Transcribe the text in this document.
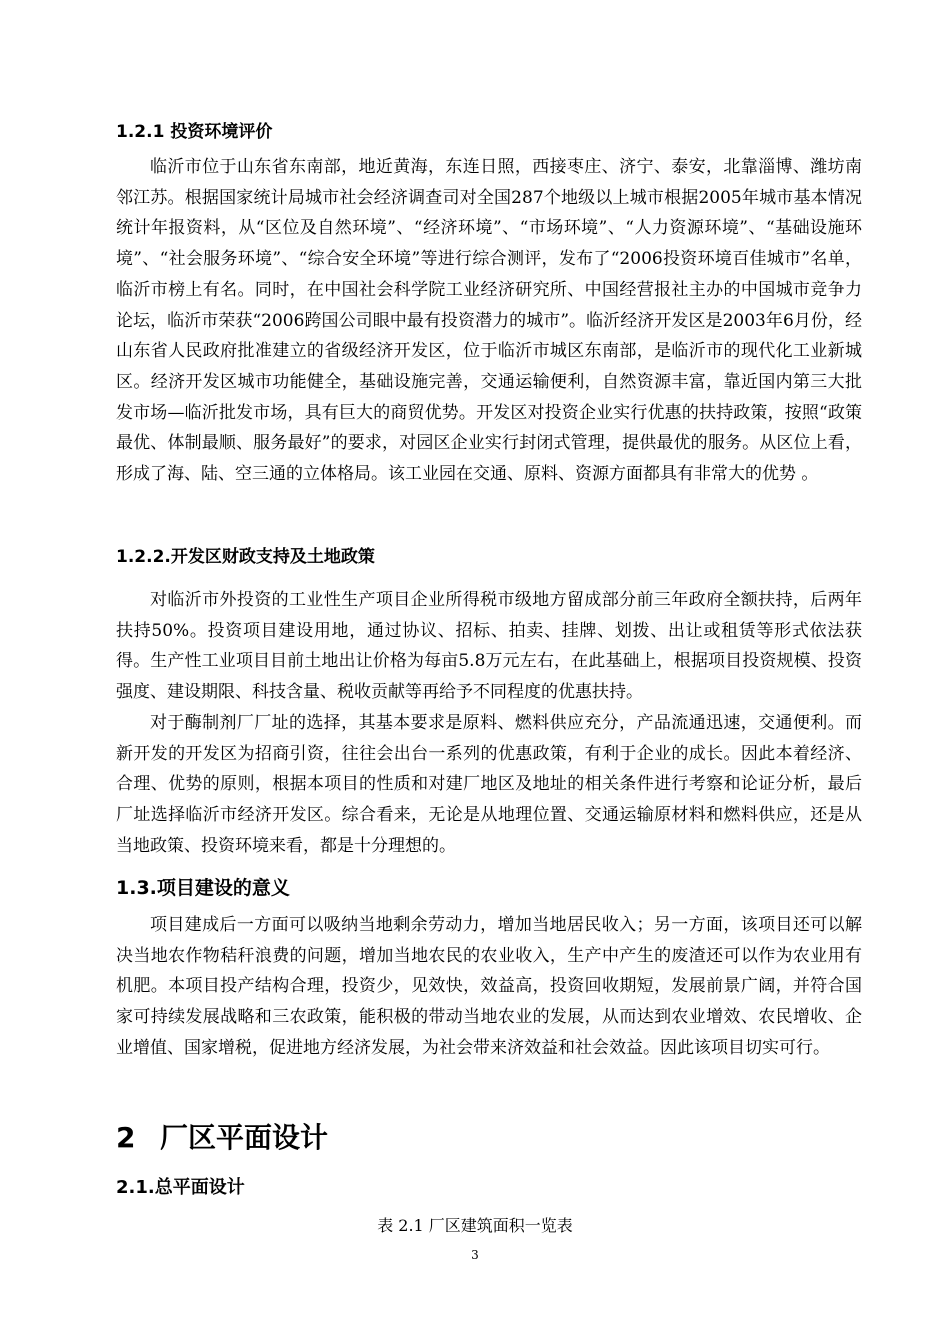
1.2.1 投资环境评价

临沂市位于山东省东南部，地近黄海，东连日照，西接枣庄、济宁、泰安，北靠淄博、潍坊南邻江苏。根据国家统计局城市社会经济调查司对全国287个地级以上城市根据2005年城市基本情况统计年报资料，从“区位及自然环境”、“经济环境”、“市场环境”、“人力资源环境”、“基础设施环境”、“社会服务环境”、“综合安全环境”等进行综合测评，发布了“2006投资环境百佳城市”名单，临沂市榜上有名。同时，在中国社会科学院工业经济研究所、中国经营报社主办的中国城市竞争力论坛，临沂市荣获“2006跨国公司眼中最有投资潜力的城市”。临沂经济开发区是2003年6月份，经山东省人民政府批准建立的省级经济开发区，位于临沂市城区东南部，是临沂市的现代化工业新城区。经济开发区城市功能健全，基础设施完善，交通运输便利，自然资源丰富，靠近国内第三大批发市场—临沂批发市场，具有巨大的商贸优势。开发区对投资企业实行优惠的扶持政策，按照“政策最优、体制最顺、服务最好”的要求，对园区企业实行封闭式管理，提供最优的服务。从区位上看，形成了海、陆、空三通的立体格局。该工业园在交通、原料、资源方面都具有非常大的优势 。

1.2.2.开发区财政支持及土地政策

对临沂市外投资的工业性生产项目企业所得税市级地方留成部分前三年政府全额扶持，后两年扶持50%。投资项目建设用地，通过协议、招标、拍卖、挂牌、划拨、出让或租赁等形式依法获得。生产性工业项目目前土地出让价格为每亩5.8万元左右，在此基础上，根据项目投资规模、投资强度、建设期限、科技含量、税收贡献等再给予不同程度的优惠扶持。

对于酶制剂厂厂址的选择，其基本要求是原料、燃料供应充分，产品流通迅速，交通便利。而新开发的开发区为招商引资，往往会出台一系列的优惠政策，有利于企业的成长。因此本着经济、合理、优势的原则，根据本项目的性质和对建厂地区及地址的相关条件进行考察和论证分析，最后厂址选择临沂市经济开发区。综合看来，无论是从地理位置、交通运输原材料和燃料供应，还是从当地政策、投资环境来看，都是十分理想的。

1.3.项目建设的意义

项目建成后一方面可以吸纳当地剩余劳动力，增加当地居民收入；另一方面，该项目还可以解决当地农作物秸秆浪费的问题，增加当地农民的农业收入，生产中产生的废渣还可以作为农业用有机肥。本项目投产结构合理，投资少，见效快，效益高，投资回收期短，发展前景广阔，并符合国家可持续发展战略和三农政策，能积极的带动当地农业的发展，从而达到农业增效、农民增收、企业增值、国家增税，促进地方经济发展，为社会带来济效益和社会效益。因此该项目切实可行。

2 厂区平面设计
2.1.总平面设计
表 2.1 厂区建筑面积一览表
3
